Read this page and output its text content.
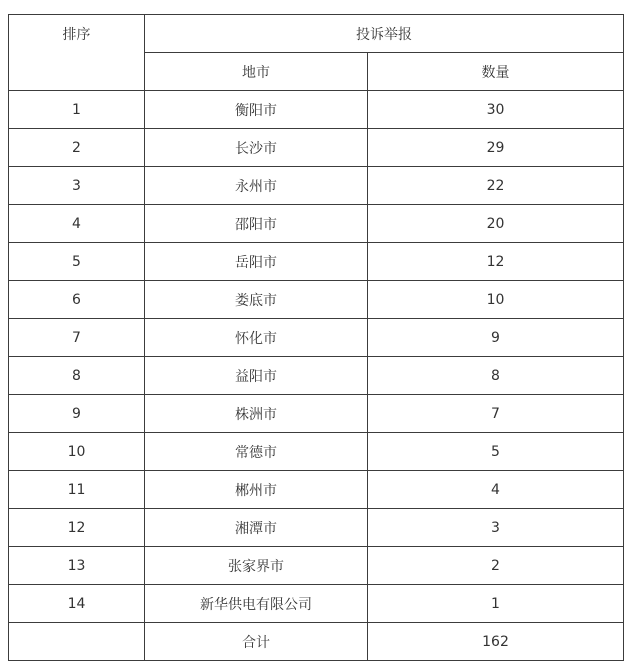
排序	投诉举报	
	地市	数量
1	衡阳市	30
2	长沙市	29
3	永州市	22
4	邵阳市	20
5	岳阳市	12
6	娄底市	10
7	怀化市	9
8	益阳市	8
9	株洲市	7
10	常德市	5
11	郴州市	4
12	湘潭市	3
13	张家界市	2
14	新华供电有限公司	1
	合计	162
